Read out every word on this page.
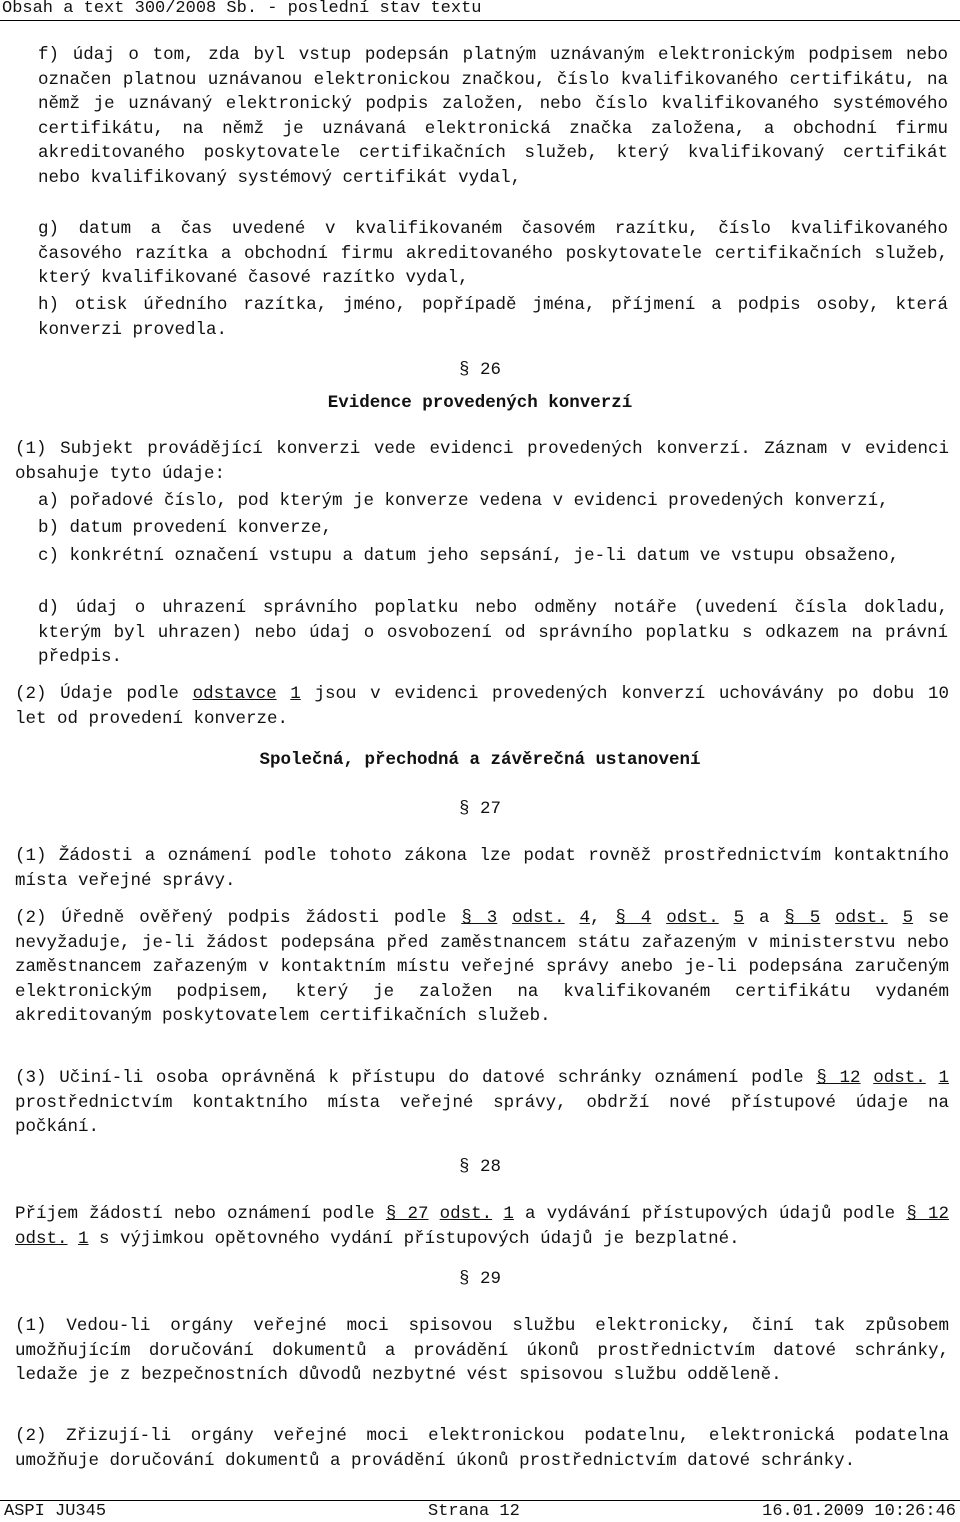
Obsah a text 300/2008 Sb. - poslední stav textu

f) údaj o tom, zda byl vstup podepsán platným uznávaným elektronickým podpisem nebo označen platnou uznávanou elektronickou značkou, číslo kvalifikovaného certifikátu, na němž je uznávaný elektronický podpis založen, nebo číslo kvalifikovaného systémového certifikátu, na němž je uznávaná elektronická značka založena, a obchodní firmu akreditovaného poskytovatele certifikačních služeb, který kvalifikovaný certifikát nebo kvalifikovaný systémový certifikát vydal,

g) datum a čas uvedené v kvalifikovaném časovém razítku, číslo kvalifikovaného časového razítka a obchodní firmu akreditovaného poskytovatele certifikačních služeb, který kvalifikované časové razítko vydal,

h) otisk úředního razítka, jméno, popřípadě jména, příjmení a podpis osoby, která konverzi provedla.

§ 26

Evidence provedených konverzí

(1) Subjekt provádějící konverzi vede evidenci provedených konverzí. Záznam v evidenci obsahuje tyto údaje:

a) pořadové číslo, pod kterým je konverze vedena v evidenci provedených konverzí,

b) datum provedení konverze,

c) konkrétní označení vstupu a datum jeho sepsání, je-li datum ve vstupu obsaženo,

d) údaj o uhrazení správního poplatku nebo odměny notáře (uvedení čísla dokladu, kterým byl uhrazen) nebo údaj o osvobození od správního poplatku s odkazem na právní předpis.

(2) Údaje podle odstavce 1 jsou v evidenci provedených konverzí uchovávány po dobu 10 let od provedení konverze.

Společná, přechodná a závěrečná ustanovení

§ 27

(1) Žádosti a oznámení podle tohoto zákona lze podat rovněž prostřednictvím kontaktního místa veřejné správy.

(2) Úředně ověřený podpis žádosti podle § 3 odst. 4, § 4 odst. 5 a § 5 odst. 5 se nevyžaduje, je-li žádost podepsána před zaměstnancem státu zařazeným v ministerstvu nebo zaměstnancem zařazeným v kontaktním místu veřejné správy anebo je-li podepsána zaručeným elektronickým podpisem, který je založen na kvalifikovaném certifikátu vydaném akreditovaným poskytovatelem certifikačních služeb.

(3) Učiní-li osoba oprávněná k přístupu do datové schránky oznámení podle § 12 odst. 1 prostřednictvím kontaktního místa veřejné správy, obdrží nové přístupové údaje na počkání.

§ 28

Příjem žádostí nebo oznámení podle § 27 odst. 1 a vydávání přístupových údajů podle § 12 odst. 1 s výjimkou opětovného vydání přístupových údajů je bezplatné.

§ 29

(1) Vedou-li orgány veřejné moci spisovou službu elektronicky, činí tak způsobem umožňujícím doručování dokumentů a provádění úkonů prostřednictvím datové schránky, ledaže je z bezpečnostních důvodů nezbytné vést spisovou službu odděleně.

(2) Zřizují-li orgány veřejné moci elektronickou podatelnu, elektronická podatelna umožňuje doručování dokumentů a provádění úkonů prostřednictvím datové schránky.

ASPI JU345	Strana 12	16.01.2009 10:26:46
